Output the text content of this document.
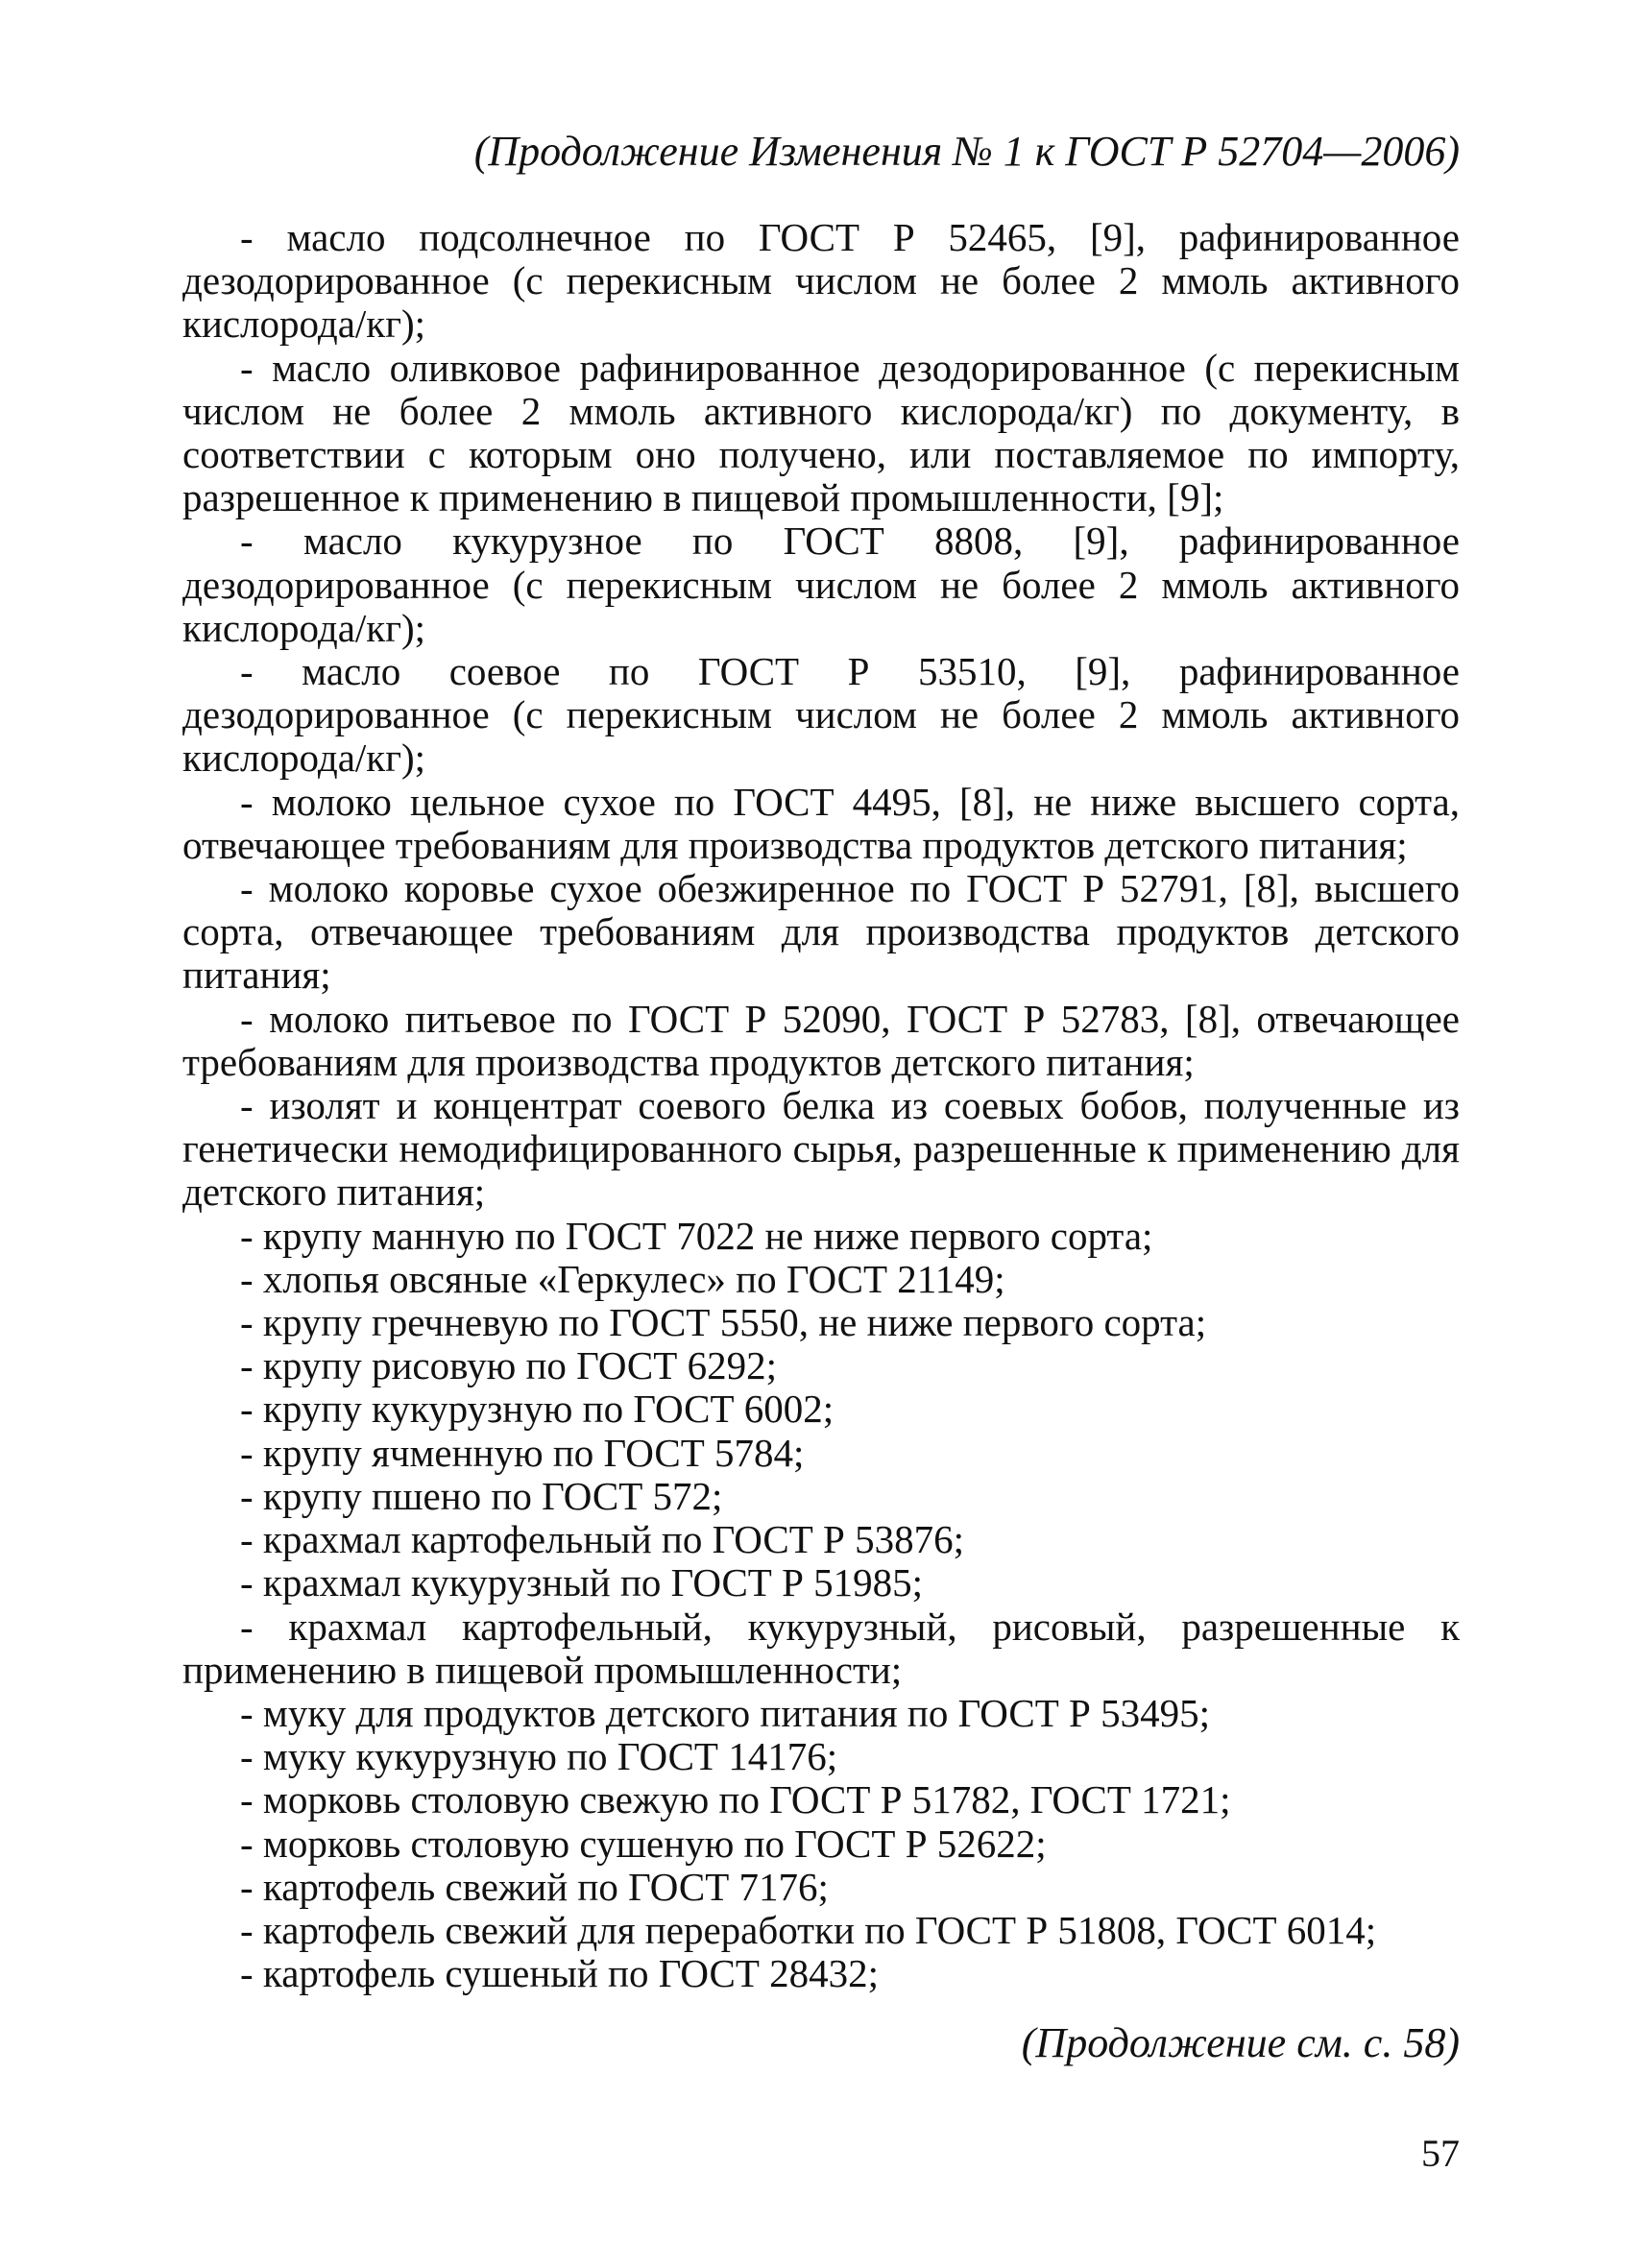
(Продолжение Изменения № 1 к ГОСТ Р 52704—2006)

- масло подсолнечное по ГОСТ Р 52465, [9], рафинированное дезодорированное (с перекисным числом не более 2 ммоль активного кислорода/кг);

- масло оливковое рафинированное дезодорированное (с перекисным числом не более 2 ммоль активного кислорода/кг) по документу, в соответствии с которым оно получено, или поставляемое по импорту, разрешенное к применению в пищевой промышленности, [9];

- масло кукурузное по ГОСТ 8808, [9], рафинированное дезодорированное (с перекисным числом не более 2 ммоль активного кислорода/кг);

- масло соевое по ГОСТ Р 53510, [9], рафинированное дезодорированное (с перекисным числом не более 2 ммоль активного кислорода/кг);

- молоко цельное сухое по ГОСТ 4495, [8], не ниже высшего сорта, отвечающее требованиям для производства продуктов детского питания;

- молоко коровье сухое обезжиренное по ГОСТ Р 52791, [8], высшего сорта, отвечающее требованиям для производства продуктов детского питания;

- молоко питьевое по ГОСТ Р 52090, ГОСТ Р 52783, [8], отвечающее требованиям для производства продуктов детского питания;

- изолят и концентрат соевого белка из соевых бобов, полученные из генетически немодифицированного сырья, разрешенные к применению для детского питания;

- крупу манную по ГОСТ 7022 не ниже первого сорта;

- хлопья овсяные «Геркулес» по ГОСТ 21149;

- крупу гречневую по ГОСТ 5550, не ниже первого сорта;

- крупу рисовую по ГОСТ 6292;

- крупу кукурузную по ГОСТ 6002;

- крупу ячменную по ГОСТ 5784;

- крупу пшено по ГОСТ 572;

- крахмал картофельный по ГОСТ Р 53876;

- крахмал кукурузный по ГОСТ Р 51985;

- крахмал картофельный, кукурузный, рисовый, разрешенные к применению в пищевой промышленности;

- муку для продуктов детского питания по ГОСТ Р 53495;

- муку кукурузную по ГОСТ 14176;

- морковь столовую свежую по ГОСТ Р 51782, ГОСТ 1721;

- морковь столовую сушеную по ГОСТ Р 52622;

- картофель свежий по ГОСТ 7176;

- картофель свежий для переработки по ГОСТ Р 51808, ГОСТ 6014;

- картофель сушеный по ГОСТ 28432;

(Продолжение см. с. 58)
57
